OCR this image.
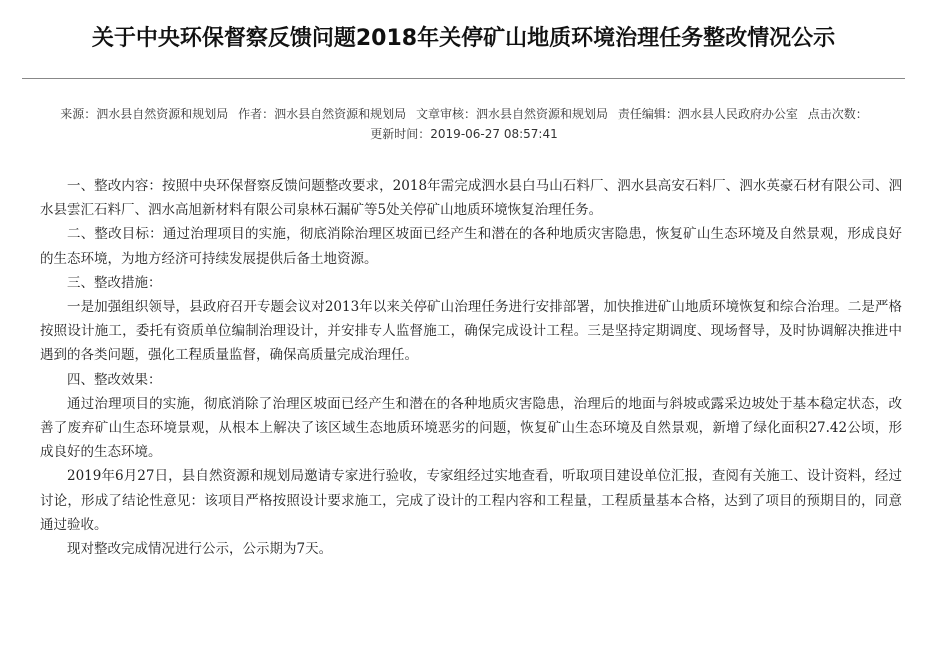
关于中央环保督察反馈问题2018年关停矿山地质环境治理任务整改情况公示
来源：泗水县自然资源和规划局 作者：泗水县自然资源和规划局 文章审核：泗水县自然资源和规划局 责任编辑：泗水县人民政府办公室 点击次数：
更新时间：2019-06-27 08:57:41

一、整改内容：按照中央环保督察反馈问题整改要求，2018年需完成泗水县白马山石料厂、泗水县高安石料厂、泗水英豪石材有限公司、泗水县雲汇石料厂、泗水高旭新材料有限公司泉林石漏矿等5处关停矿山地质环境恢复治理任务。

二、整改目标：通过治理项目的实施，彻底消除治理区坡面已经产生和潜在的各种地质灾害隐患，恢复矿山生态环境及自然景观，形成良好的生态环境，为地方经济可持续发展提供后备土地资源。

三、整改措施：

一是加强组织领导，县政府召开专题会议对2013年以来关停矿山治理任务进行安排部署，加快推进矿山地质环境恢复和综合治理。二是严格按照设计施工，委托有资质单位编制治理设计，并安排专人监督施工，确保完成设计工程。三是坚持定期调度、现场督导，及时协调解决推进中遇到的各类问题，强化工程质量监督，确保高质量完成治理任。

四、整改效果：

通过治理项目的实施，彻底消除了治理区坡面已经产生和潜在的各种地质灾害隐患，治理后的地面与斜坡或露采边坡处于基本稳定状态，改善了废弃矿山生态环境景观，从根本上解决了该区域生态地质环境恶劣的问题，恢复矿山生态环境及自然景观，新增了绿化面积27.42公顷，形成良好的生态环境。

2019年6月27日，县自然资源和规划局邀请专家进行验收，专家组经过实地查看，听取项目建设单位汇报，查阅有关施工、设计资料，经过讨论，形成了结论性意见：该项目严格按照设计要求施工，完成了设计的工程内容和工程量，工程质量基本合格，达到了项目的预期目的，同意通过验收。

现对整改完成情况进行公示，公示期为7天。
